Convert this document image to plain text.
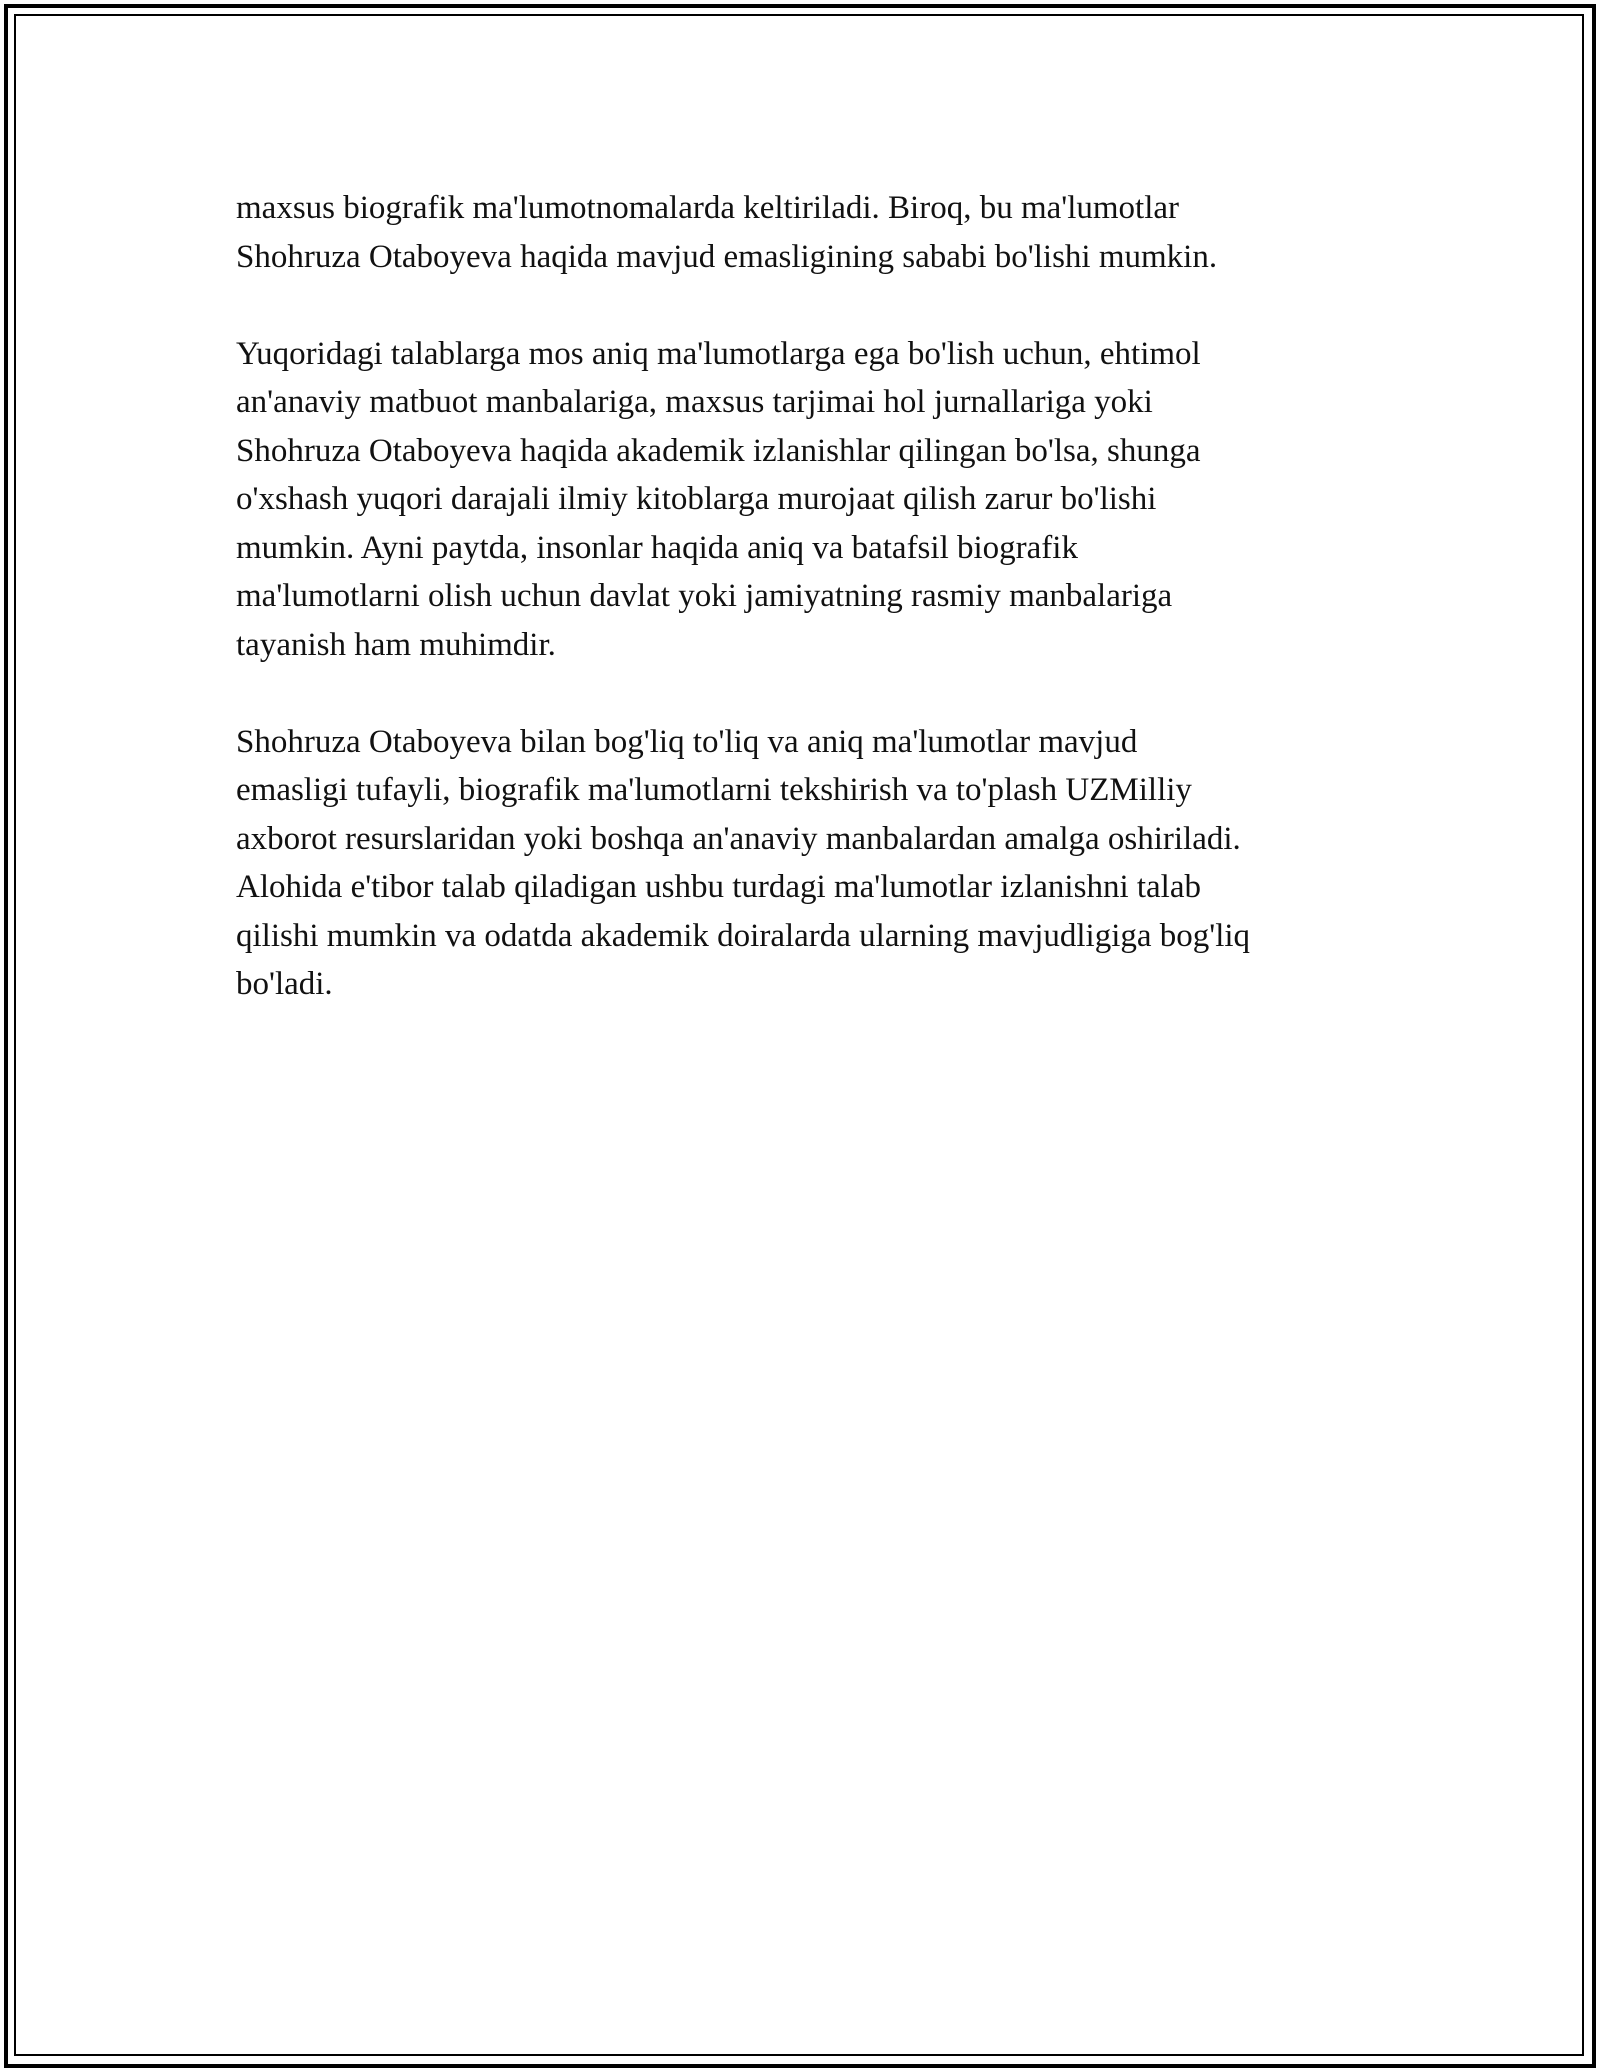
maxsus biografik ma'lumotnomalarda keltiriladi. Biroq, bu ma'lumotlar
Shohruza Otaboyeva haqida mavjud emasligining sababi bo'lishi mumkin.

Yuqoridagi talablarga mos aniq ma'lumotlarga ega bo'lish uchun, ehtimol
an'anaviy matbuot manbalariga, maxsus tarjimai hol jurnallariga yoki
Shohruza Otaboyeva haqida akademik izlanishlar qilingan bo'lsa, shunga
o'xshash yuqori darajali ilmiy kitoblarga murojaat qilish zarur bo'lishi
mumkin. Ayni paytda, insonlar haqida aniq va batafsil biografik
ma'lumotlarni olish uchun davlat yoki jamiyatning rasmiy manbalariga
tayanish ham muhimdir.

Shohruza Otaboyeva bilan bog'liq to'liq va aniq ma'lumotlar mavjud
emasligi tufayli, biografik ma'lumotlarni tekshirish va to'plash UZMilliy
axborot resurslaridan yoki boshqa an'anaviy manbalardan amalga oshiriladi.
Alohida e'tibor talab qiladigan ushbu turdagi ma'lumotlar izlanishni talab
qilishi mumkin va odatda akademik doiralarda ularning mavjudligiga bog'liq
bo'ladi.
